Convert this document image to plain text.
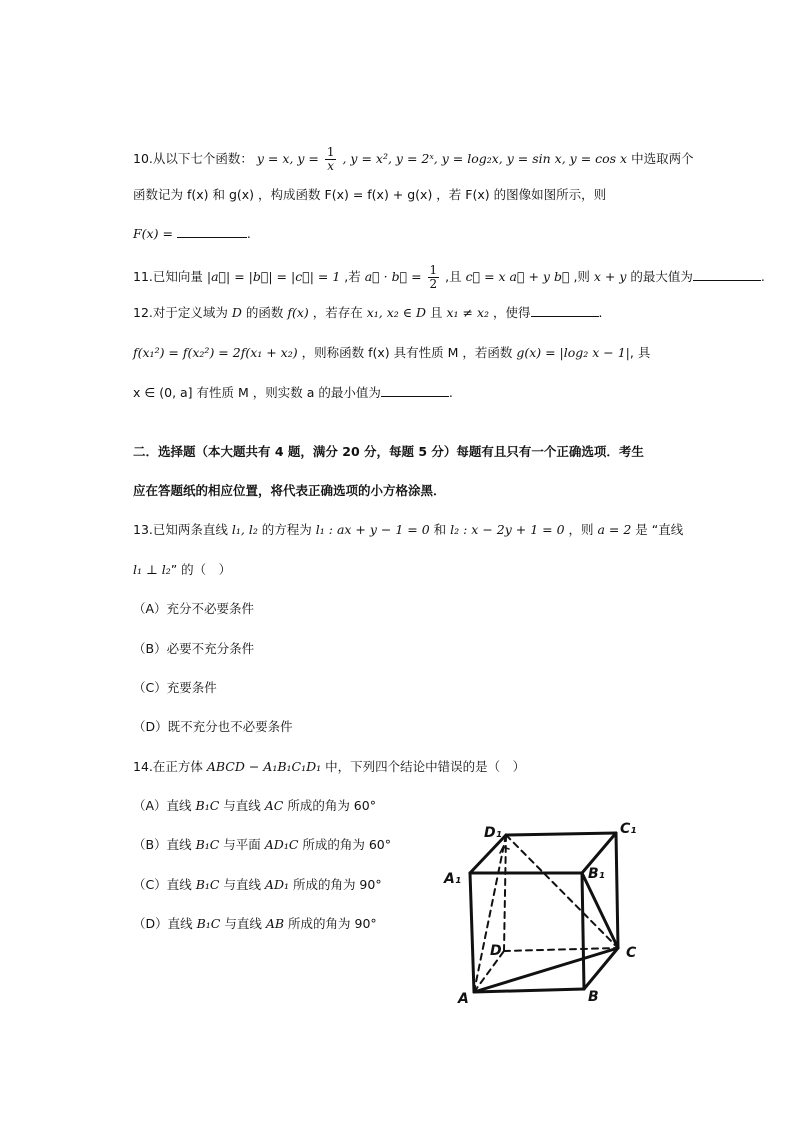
10.从以下七个函数： y = x, $y = \frac{1}{x}$ , y = x², y = 2ˣ, y = log₂x, y = sin x, y = cos x 中选取两个
函数记为 f(x) 和 g(x) ，构成函数 F(x) = f(x) + g(x) ，若 F(x) 的图像如图所示，则
F(x) =	.
11.已知向量 |a⃗| = |b⃗| = |c⃗| = 1 ,若 a⃗ · b⃗ = $\frac{1}{2}$ ,且 c⃗ = x a⃗ + y b⃗ ,则 x + y 的最大值为	.
12.对于定义域为 D 的函数 f(x) ，若存在 x₁, x₂ ∈ D 且 x₁ ≠ x₂ ，使得	.
f(x₁²) = f(x₂²) = 2f(x₁ + x₂) ，则称函数 f(x) 具有性质 M ，若函数 g(x) = |log₂ x − 1|, 具
x ∈ (0, a] 有性质 M ，则实数 a 的最小值为	.
二．选择题（本大题共有 4 题，满分 20 分，每题 5 分）每题有且只有一个正确选项．考生
应在答题纸的相应位置，将代表正确选项的小方格涂黑．
13.已知两条直线 l₁, l₂ 的方程为 l₁ : ax + y − 1 = 0 和 l₂ : x − 2y + 1 = 0 ，则 a = 2 是 “直线
l₁ ⊥ l₂” 的（　）
（A）充分不必要条件
（B）必要不充分条件
（C）充要条件
（D）既不充分也不必要条件
14.在正方体 ABCD − A₁B₁C₁D₁ 中，下列四个结论中错误的是（　）
（A）直线 B₁C 与直线 AC 所成的角为 60°
（B）直线 B₁C 与平面 AD₁C 所成的角为 60°
（C）直线 B₁C 与直线 AD₁ 所成的角为 90°
（D）直线 B₁C 与直线 AB 所成的角为 90°
D₁	C₁
A₁	B₁
D	C
A	B
